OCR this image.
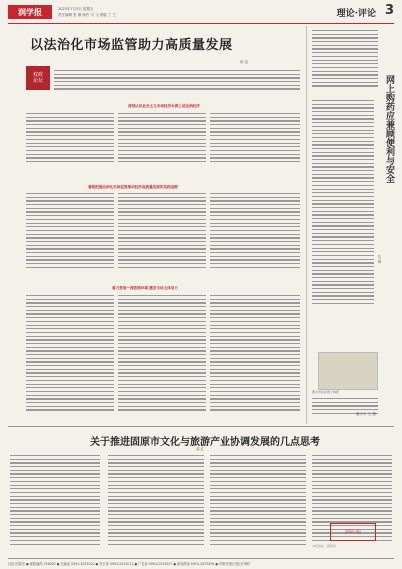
润学报	2023年7月3日 星期五
责任编辑 张 顺 制作 马 飞 排版 兰 兰	理论·评论 3
以法治化市场监管助力高质量发展
薛 泓
权政
论坛
深刻认识社会主义市场经济本质上是法治经济
着眼把握法治化市场监管推动经济高质量发展的实践进路
着力营造一流营商环境 激发市场主体活力
网上购药应兼顾便利与安全
沈 毅
图为市民在网上购药
谢少宇 王 超
关于推进固原市文化与旅游产业协调发展的几点思考
邵 红
固原日报
本报地址：固原市
社址 固原市 ● 邮政编码 756000 ● 总编室 0954-2033010 ● 发行部 0954-2034011 ● 广告部 0954-2034027 ● 新闻热线 0954-2033056 ● 印刷 固原日报社印刷厂
